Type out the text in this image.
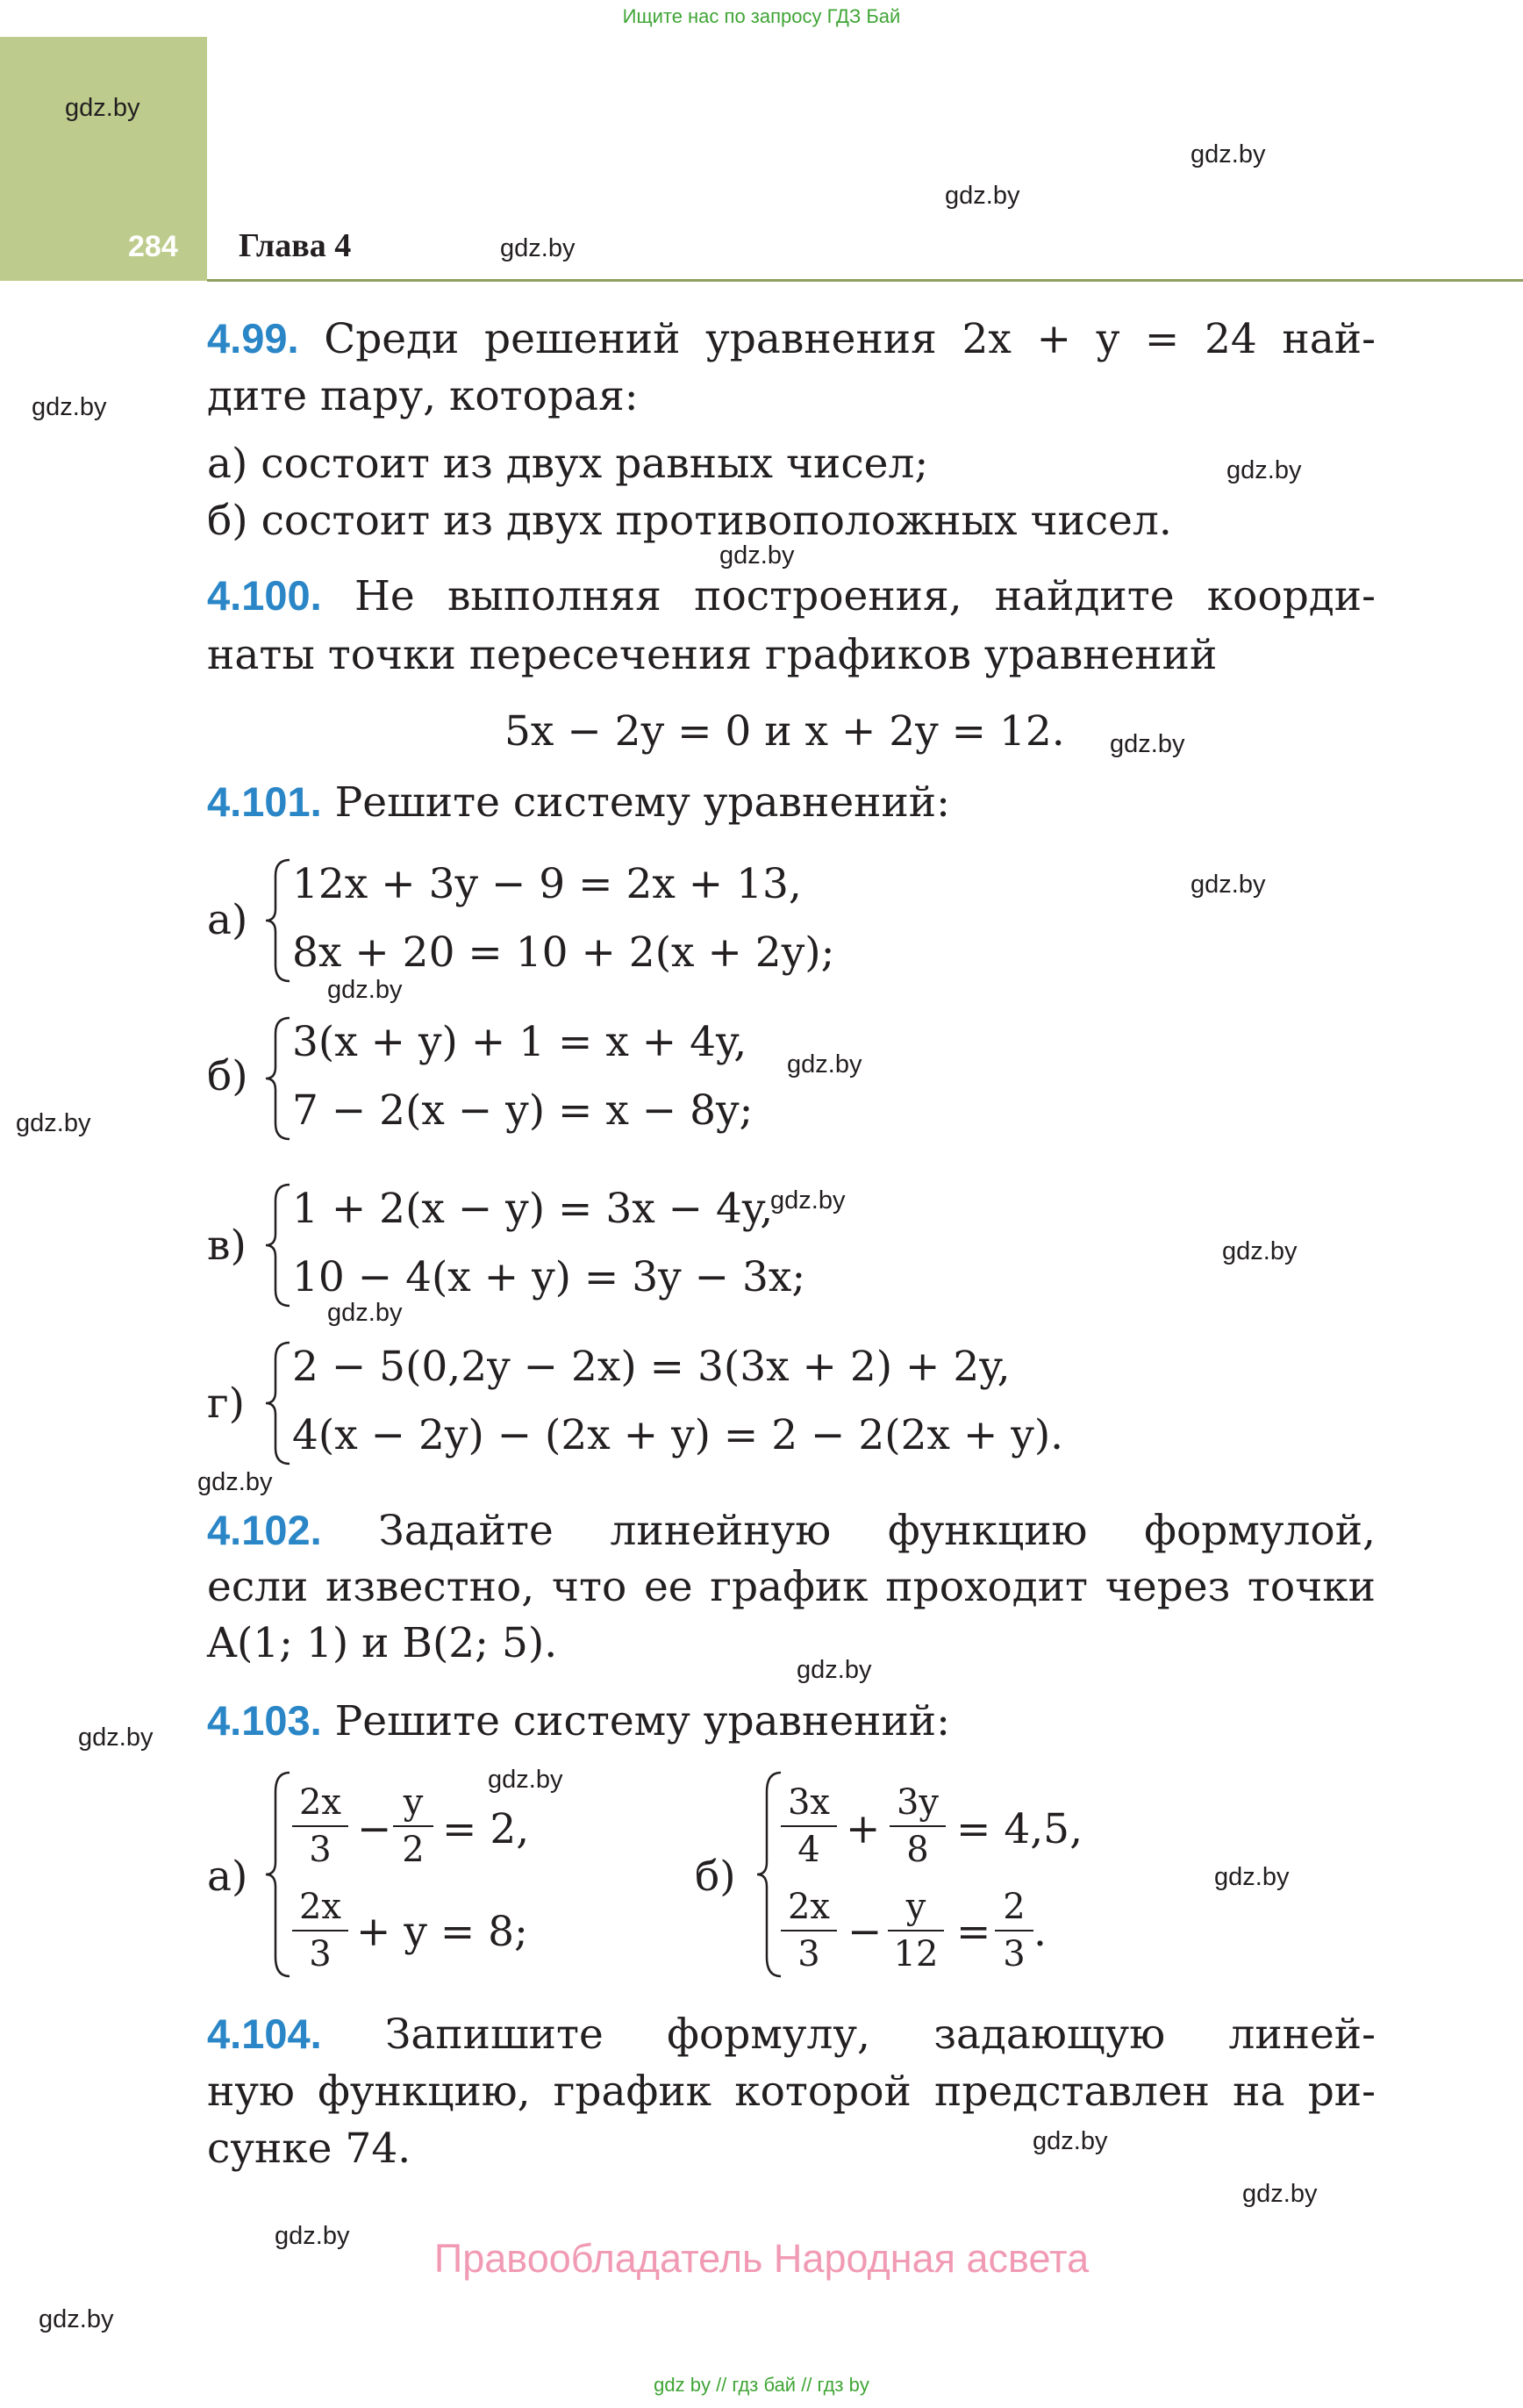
Ищите нас по запросу ГДЗ Бай
284 Глава 4
gdz.by
gdz.by
gdz.by
gdz.by
gdz.by
gdz.by
gdz.by
gdz.by
gdz.by
gdz.by
gdz.by
gdz.by
gdz.by
gdz.by
gdz.by
gdz.by
gdz.by
gdz.by
gdz.by
gdz.by
gdz.by
gdz.by
gdz.by
gdz.by
4.99. Среди решений уравнения 2x + y = 24 най-
дите пару, которая:
а) состоит из двух равных чисел;
б) состоит из двух противоположных чисел.
4.100. Не выполняя построения, найдите коорди-
наты точки пересечения графиков уравнений
5x − 2y = 0 и x + 2y = 12.
4.101. Решите систему уравнений:
а)
12x + 3y − 9 = 2x + 13,
8x + 20 = 10 + 2(x + 2y);
б)
3(x + y) + 1 = x + 4y,
7 − 2(x − y) = x − 8y;
в)
1 + 2(x − y) = 3x − 4y,
10 − 4(x + y) = 3y − 3x;
г)
2 − 5(0,2y − 2x) = 3(3x + 2) + 2y,
4(x − 2y) − (2x + y) = 2 − 2(2x + y).
4.102. Задайте линейную функцию формулой,
если известно, что ее график проходит через точки
A(1; 1) и B(2; 5).
4.103. Решите систему уравнений:
а)
2x
3 −
y
2 = 2,
2x
3 + y = 8;
б)
3x
4 +
3y
8 = 4,5,
2x
3 −
y
12 =
2
3 .
4.104. Запишите формулу, задающую линей-
ную функцию, график которой представлен на ри-
сунке 74.
Правообладатель Народная асвета
gdz by // гдз бай // гдз by
